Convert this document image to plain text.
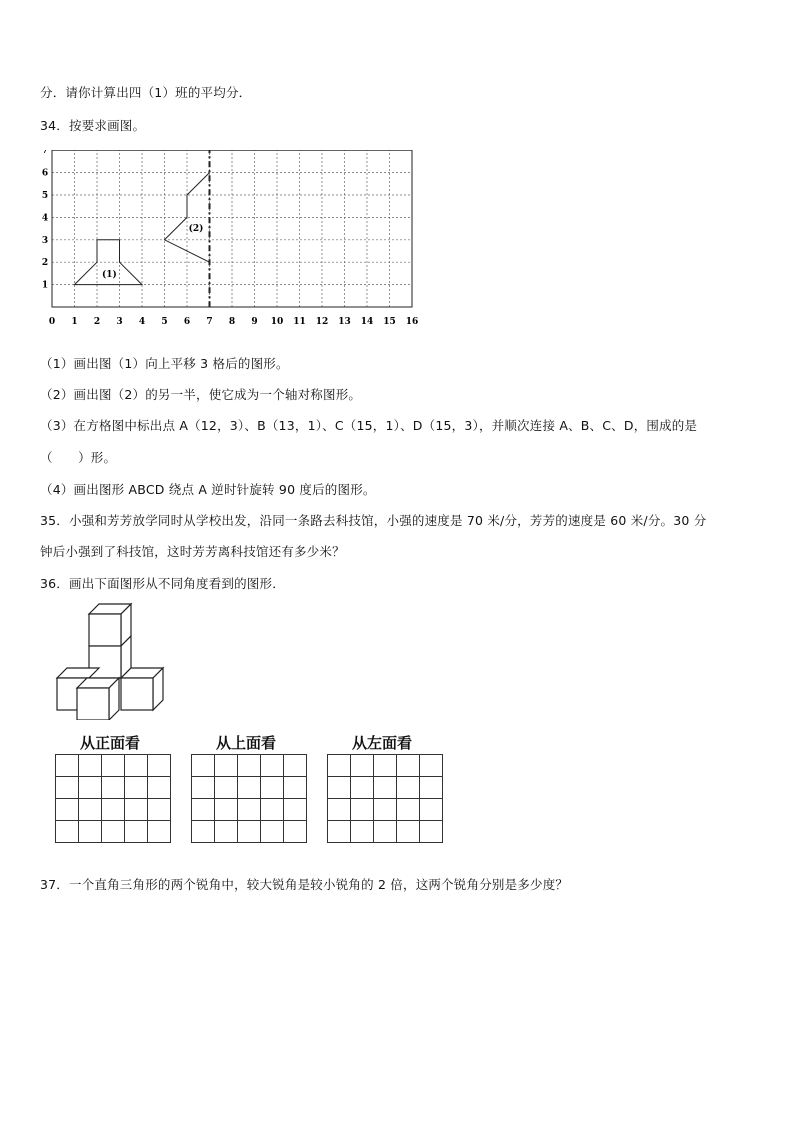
分．请你计算出四（1）班的平均分．
34．按要求画图。
0 1 2 3 4 5 6 7 8 9 10 11 12 13 14 15 16
1
2
3
4
5
6
7
(1)
(2)
（1）画出图（1）向上平移 3 格后的图形。
（2）画出图（2）的另一半，使它成为一个轴对称图形。
（3）在方格图中标出点 A（12，3）、B（13，1）、C（15，1）、D（15，3），并顺次连接 A、B、C、D，围成的是
（　　）形。
（4）画出图形 ABCD 绕点 A 逆时针旋转 90 度后的图形。
35．小强和芳芳放学同时从学校出发，沿同一条路去科技馆，小强的速度是 70 米/分，芳芳的速度是 60 米/分。30 分
钟后小强到了科技馆，这时芳芳离科技馆还有多少米？
36．画出下面图形从不同角度看到的图形．
从正面看	从上面看	从左面看

37．一个直角三角形的两个锐角中，较大锐角是较小锐角的 2 倍，这两个锐角分别是多少度？
